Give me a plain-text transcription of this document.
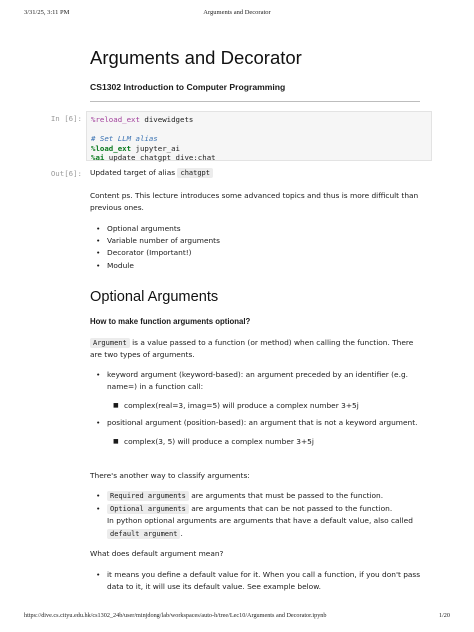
3/31/25, 3:11 PM	Arguments and Decorator
Arguments and Decorator
CS1302 Introduction to Computer Programming
In [6]: %reload_ext divewidgets

# Set LLM alias
%load_ext jupyter_ai
%ai update chatgpt dive:chat
Out[6]: Updated target of alias chatgpt
Content ps. This lecture introduces some advanced topics and thus is more difficult than previous ones.
• Optional arguments
• Variable number of arguments
• Decorator (Important!)
• Module
Optional Arguments
How to make function arguments optional?
Argument is a value passed to a function (or method) when calling the function. There are two types of arguments.
• keyword argument (keyword-based): an argument preceded by an identifier (e.g. name=) in a function call:
■ complex(real=3, imag=5) will produce a complex number 3+5j
• positional argument (position-based): an argument that is not a keyword argument.
■ complex(3, 5) will produce a complex number 3+5j
There's another way to classify arguments:
• Required arguments are arguments that must be passed to the function.
• Optional arguments are arguments that can be not passed to the function.
In python optional arguments are arguments that have a default value, also called
default argument .
What does default argument mean?
• it means you define a default value for it. When you call a function, if you don't pass data to it, it will use its default value. See example below.
https://dive.cs.cityu.edu.hk/cs1302_24b/user/minjdong/lab/workspaces/auto-h/tree/Lec10/Arguments and Decorator.ipynb	1/20
